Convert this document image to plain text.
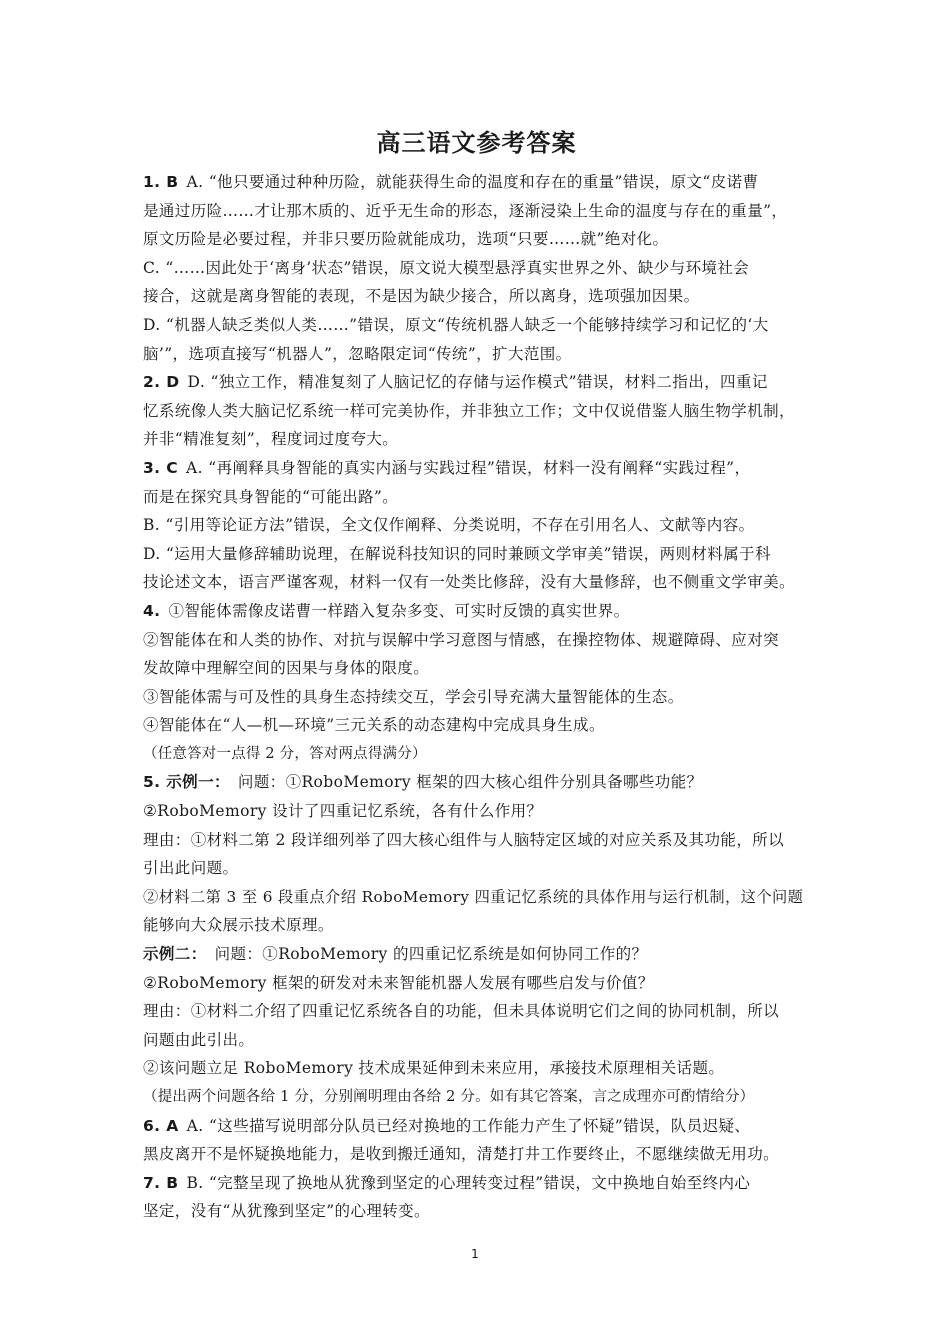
高三语文参考答案
1. B A. “他只要通过种种历险，就能获得生命的温度和存在的重量”错误，原文“皮诺曹
是通过历险……才让那木质的、近乎无生命的形态，逐渐浸染上生命的温度与存在的重量”，
原文历险是必要过程，并非只要历险就能成功，选项“只要……就”绝对化。
C. “……因此处于‘离身’状态”错误，原文说大模型悬浮真实世界之外、缺少与环境社会
接合，这就是离身智能的表现，不是因为缺少接合，所以离身，选项强加因果。
D. “机器人缺乏类似人类……”错误，原文“传统机器人缺乏一个能够持续学习和记忆的‘大
脑’”，选项直接写“机器人”，忽略限定词“传统”，扩大范围。
2. D D. “独立工作，精准复刻了人脑记忆的存储与运作模式”错误，材料二指出，四重记
忆系统像人类大脑记忆系统一样可完美协作，并非独立工作；文中仅说借鉴人脑生物学机制，
并非“精准复刻”，程度词过度夸大。
3. C A. “再阐释具身智能的真实内涵与实践过程”错误，材料一没有阐释“实践过程”，
而是在探究具身智能的“可能出路”。
B. “引用等论证方法”错误，全文仅作阐释、分类说明，不存在引用名人、文献等内容。
D. “运用大量修辞辅助说理，在解说科技知识的同时兼顾文学审美”错误，两则材料属于科
技论述文本，语言严谨客观，材料一仅有一处类比修辞，没有大量修辞，也不侧重文学审美。
4. ①智能体需像皮诺曹一样踏入复杂多变、可实时反馈的真实世界。
②智能体在和人类的协作、对抗与误解中学习意图与情感，在操控物体、规避障碍、应对突
发故障中理解空间的因果与身体的限度。
③智能体需与可及性的具身生态持续交互，学会引导充满大量智能体的生态。
④智能体在“人—机—环境”三元关系的动态建构中完成具身生成。
（任意答对一点得 2 分，答对两点得满分）
5. 示例一： 问题：①RoboMemory 框架的四大核心组件分别具备哪些功能？
②RoboMemory 设计了四重记忆系统，各有什么作用？
理由：①材料二第 2 段详细列举了四大核心组件与人脑特定区域的对应关系及其功能，所以
引出此问题。
②材料二第 3 至 6 段重点介绍 RoboMemory 四重记忆系统的具体作用与运行机制，这个问题
能够向大众展示技术原理。
示例二： 问题：①RoboMemory 的四重记忆系统是如何协同工作的？
②RoboMemory 框架的研发对未来智能机器人发展有哪些启发与价值？
理由：①材料二介绍了四重记忆系统各自的功能，但未具体说明它们之间的协同机制，所以
问题由此引出。
②该问题立足 RoboMemory 技术成果延伸到未来应用，承接技术原理相关话题。
（提出两个问题各给 1 分，分别阐明理由各给 2 分。如有其它答案，言之成理亦可酌情给分）
6. A A. “这些描写说明部分队员已经对换地的工作能力产生了怀疑”错误，队员迟疑、
黑皮离开不是怀疑换地能力，是收到搬迁通知，清楚打井工作要终止，不愿继续做无用功。
7. B B. “完整呈现了换地从犹豫到坚定的心理转变过程”错误，文中换地自始至终内心
坚定，没有“从犹豫到坚定”的心理转变。
1
